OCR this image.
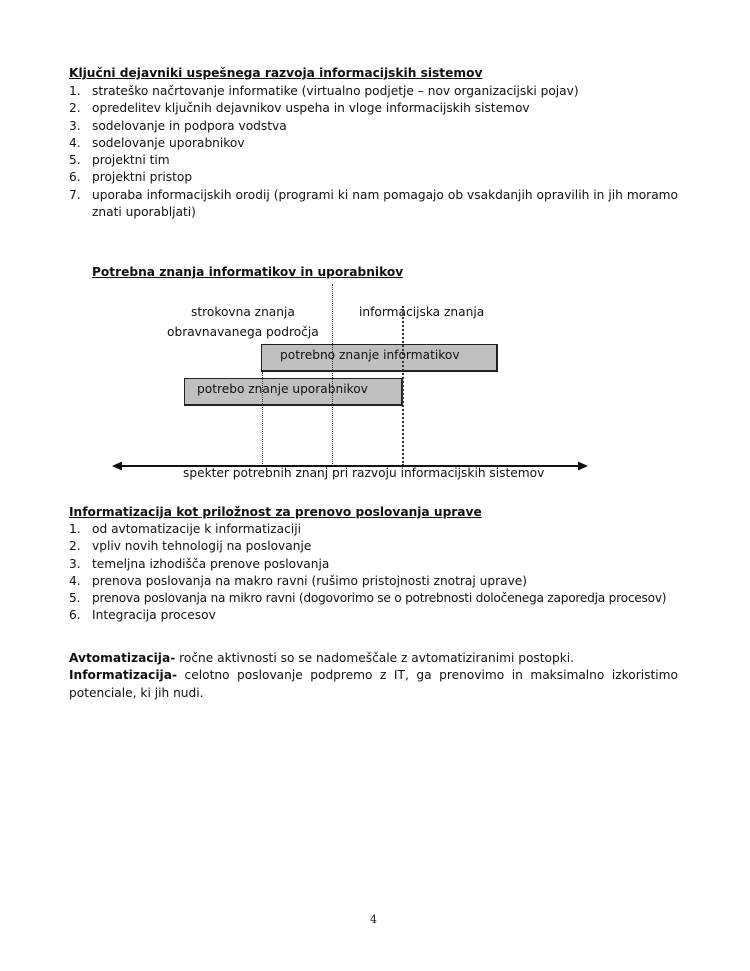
Ključni dejavniki uspešnega razvoja informacijskih sistemov
1. strateško načrtovanje informatike (virtualno podjetje – nov organizacijski pojav)
2. opredelitev ključnih dejavnikov uspeha in vloge informacijskih sistemov
3. sodelovanje in podpora vodstva
4. sodelovanje uporabnikov
5. projektni tim
6. projektni pristop
7. uporaba informacijskih orodij (programi ki nam pomagajo ob vsakdanjih opravilih in jih moramo znati uporabljati)
Potrebna znanja informatikov in uporabnikov
strokovna znanja
obravnavanega področja
informacijska znanja
potrebno znanje informatikov
potrebo znanje uporabnikov
spekter potrebnih znanj pri razvoju informacijskih sistemov
Informatizacija kot priložnost za prenovo poslovanja uprave
1. od avtomatizacije k informatizaciji
2. vpliv novih tehnologij na poslovanje
3. temeljna izhodišča prenove poslovanja
4. prenova poslovanja na makro ravni (rušimo pristojnosti znotraj uprave)
5. prenova poslovanja na mikro ravni (dogovorimo se o potrebnosti določenega zaporedja procesov)
6. Integracija procesov
Avtomatizacija- ročne aktivnosti so se nadomeščale z avtomatiziranimi postopki.
Informatizacija- celotno poslovanje podpremo z IT, ga prenovimo in maksimalno izkoristimo potenciale, ki jih nudi.
4
